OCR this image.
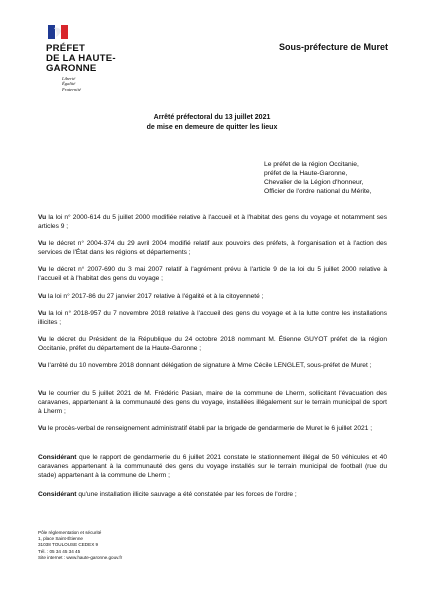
PRÉFET
DE LA HAUTE-
GARONNE
Liberté
Égalité
Fraternité
Sous-préfecture de Muret
Arrêté préfectoral du 13 juillet 2021
de mise en demeure de quitter les lieux
Le préfet de la région Occitanie,
préfet de la Haute-Garonne,
Chevalier de la Légion d'honneur,
Officier de l'ordre national du Mérite,
Vu la loi n° 2000-614 du 5 juillet 2000 modifiée relative à l'accueil et à l'habitat des gens du voyage et notamment ses articles 9 ;
Vu le décret n° 2004-374 du 29 avril 2004 modifié relatif aux pouvoirs des préfets, à l'organisation et à l'action des services de l'État dans les régions et départements ;
Vu le décret n° 2007-690 du 3 mai 2007 relatif à l'agrément prévu à l'article 9 de la loi du 5 juillet 2000 relative à l'accueil et à l'habitat des gens du voyage ;
Vu la loi n° 2017-86 du 27 janvier 2017 relative à l'égalité et à la citoyenneté ;
Vu la loi n° 2018-957 du 7 novembre 2018 relative à l'accueil des gens du voyage et à la lutte contre les installations illicites ;
Vu le décret du Président de la République du 24 octobre 2018 nommant M. Étienne GUYOT préfet de la région Occitanie, préfet du département de la Haute-Garonne ;
Vu l'arrêté du 10 novembre 2018 donnant délégation de signature à Mme Cécile LENGLET, sous-préfet de Muret ;
Vu le courrier du 5 juillet 2021 de M. Frédéric Pasian, maire de la commune de Lherm, sollicitant l'évacuation des caravanes, appartenant à la communauté des gens du voyage, installées illégalement sur le terrain municipal de sport à Lherm ;
Vu le procès-verbal de renseignement administratif établi par la brigade de gendarmerie de Muret le 6 juillet 2021 ;
Considérant que le rapport de gendarmerie du 6 juillet 2021 constate le stationnement illégal de 50 véhicules et 40 caravanes appartenant à la communauté des gens du voyage installés sur le terrain municipal de football (rue du stade) appartenant à la commune de Lherm ;
Considérant qu'une installation illicite sauvage a été constatée par les forces de l'ordre ;
Pôle réglementation et sécurité
1, place Saint-Étienne
31038 TOULOUSE CEDEX 9
Tél. : 05 34 45 34 45
Site internet : www.haute-garonne.gouv.fr
